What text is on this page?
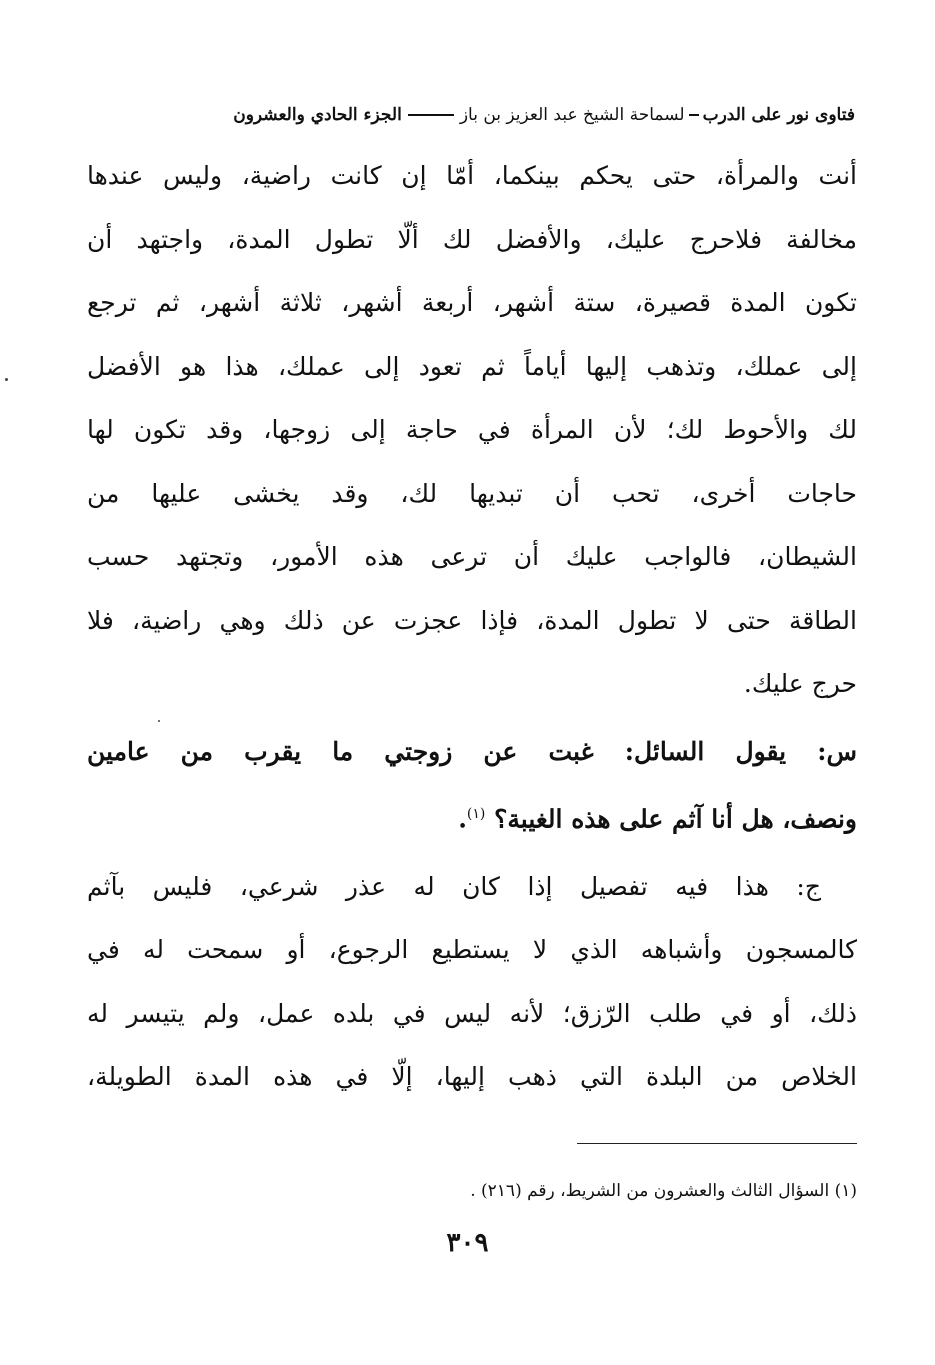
فتاوى نور على الدرب
لسماحة الشيخ عبد العزيز بن باز
الجزء الحادي والعشرون

أنت والمرأة، حتى يحكم بينكما، أمّا إن كانت راضية، وليس عندها
مخالفة فلاحرج عليك، والأفضل لك ألّا تطول المدة، واجتهد أن
تكون المدة قصيرة، ستة أشهر، أربعة أشهر، ثلاثة أشهر، ثم ترجع
إلى عملك، وتذهب إليها أياماً ثم تعود إلى عملك، هذا هو الأفضل
لك والأحوط لك؛ لأن المرأة في حاجة إلى زوجها، وقد تكون لها
حاجات أخرى، تحب أن تبديها لك، وقد يخشى عليها من
الشيطان، فالواجب عليك أن ترعى هذه الأمور، وتجتهد حسب
الطاقة حتى لا تطول المدة، فإذا عجزت عن ذلك وهي راضية، فلا
حرج عليك.

س: يقول السائل: غبت عن زوجتي ما يقرب من عامين
ونصف، هل أنا آثم على هذه الغيبة؟ $^{(١)}$.

ج: هذا فيه تفصيل إذا كان له عذر شرعي، فليس بآثم
كالمسجون وأشباهه الذي لا يستطيع الرجوع، أو سمحت له في
ذلك، أو في طلب الرّزق؛ لأنه ليس في بلده عمل، ولم يتيسر له
الخلاص من البلدة التي ذهب إليها، إلّا في هذه المدة الطويلة،

(١) السؤال الثالث والعشرون من الشريط، رقم (٢١٦) .
٣٠٩
